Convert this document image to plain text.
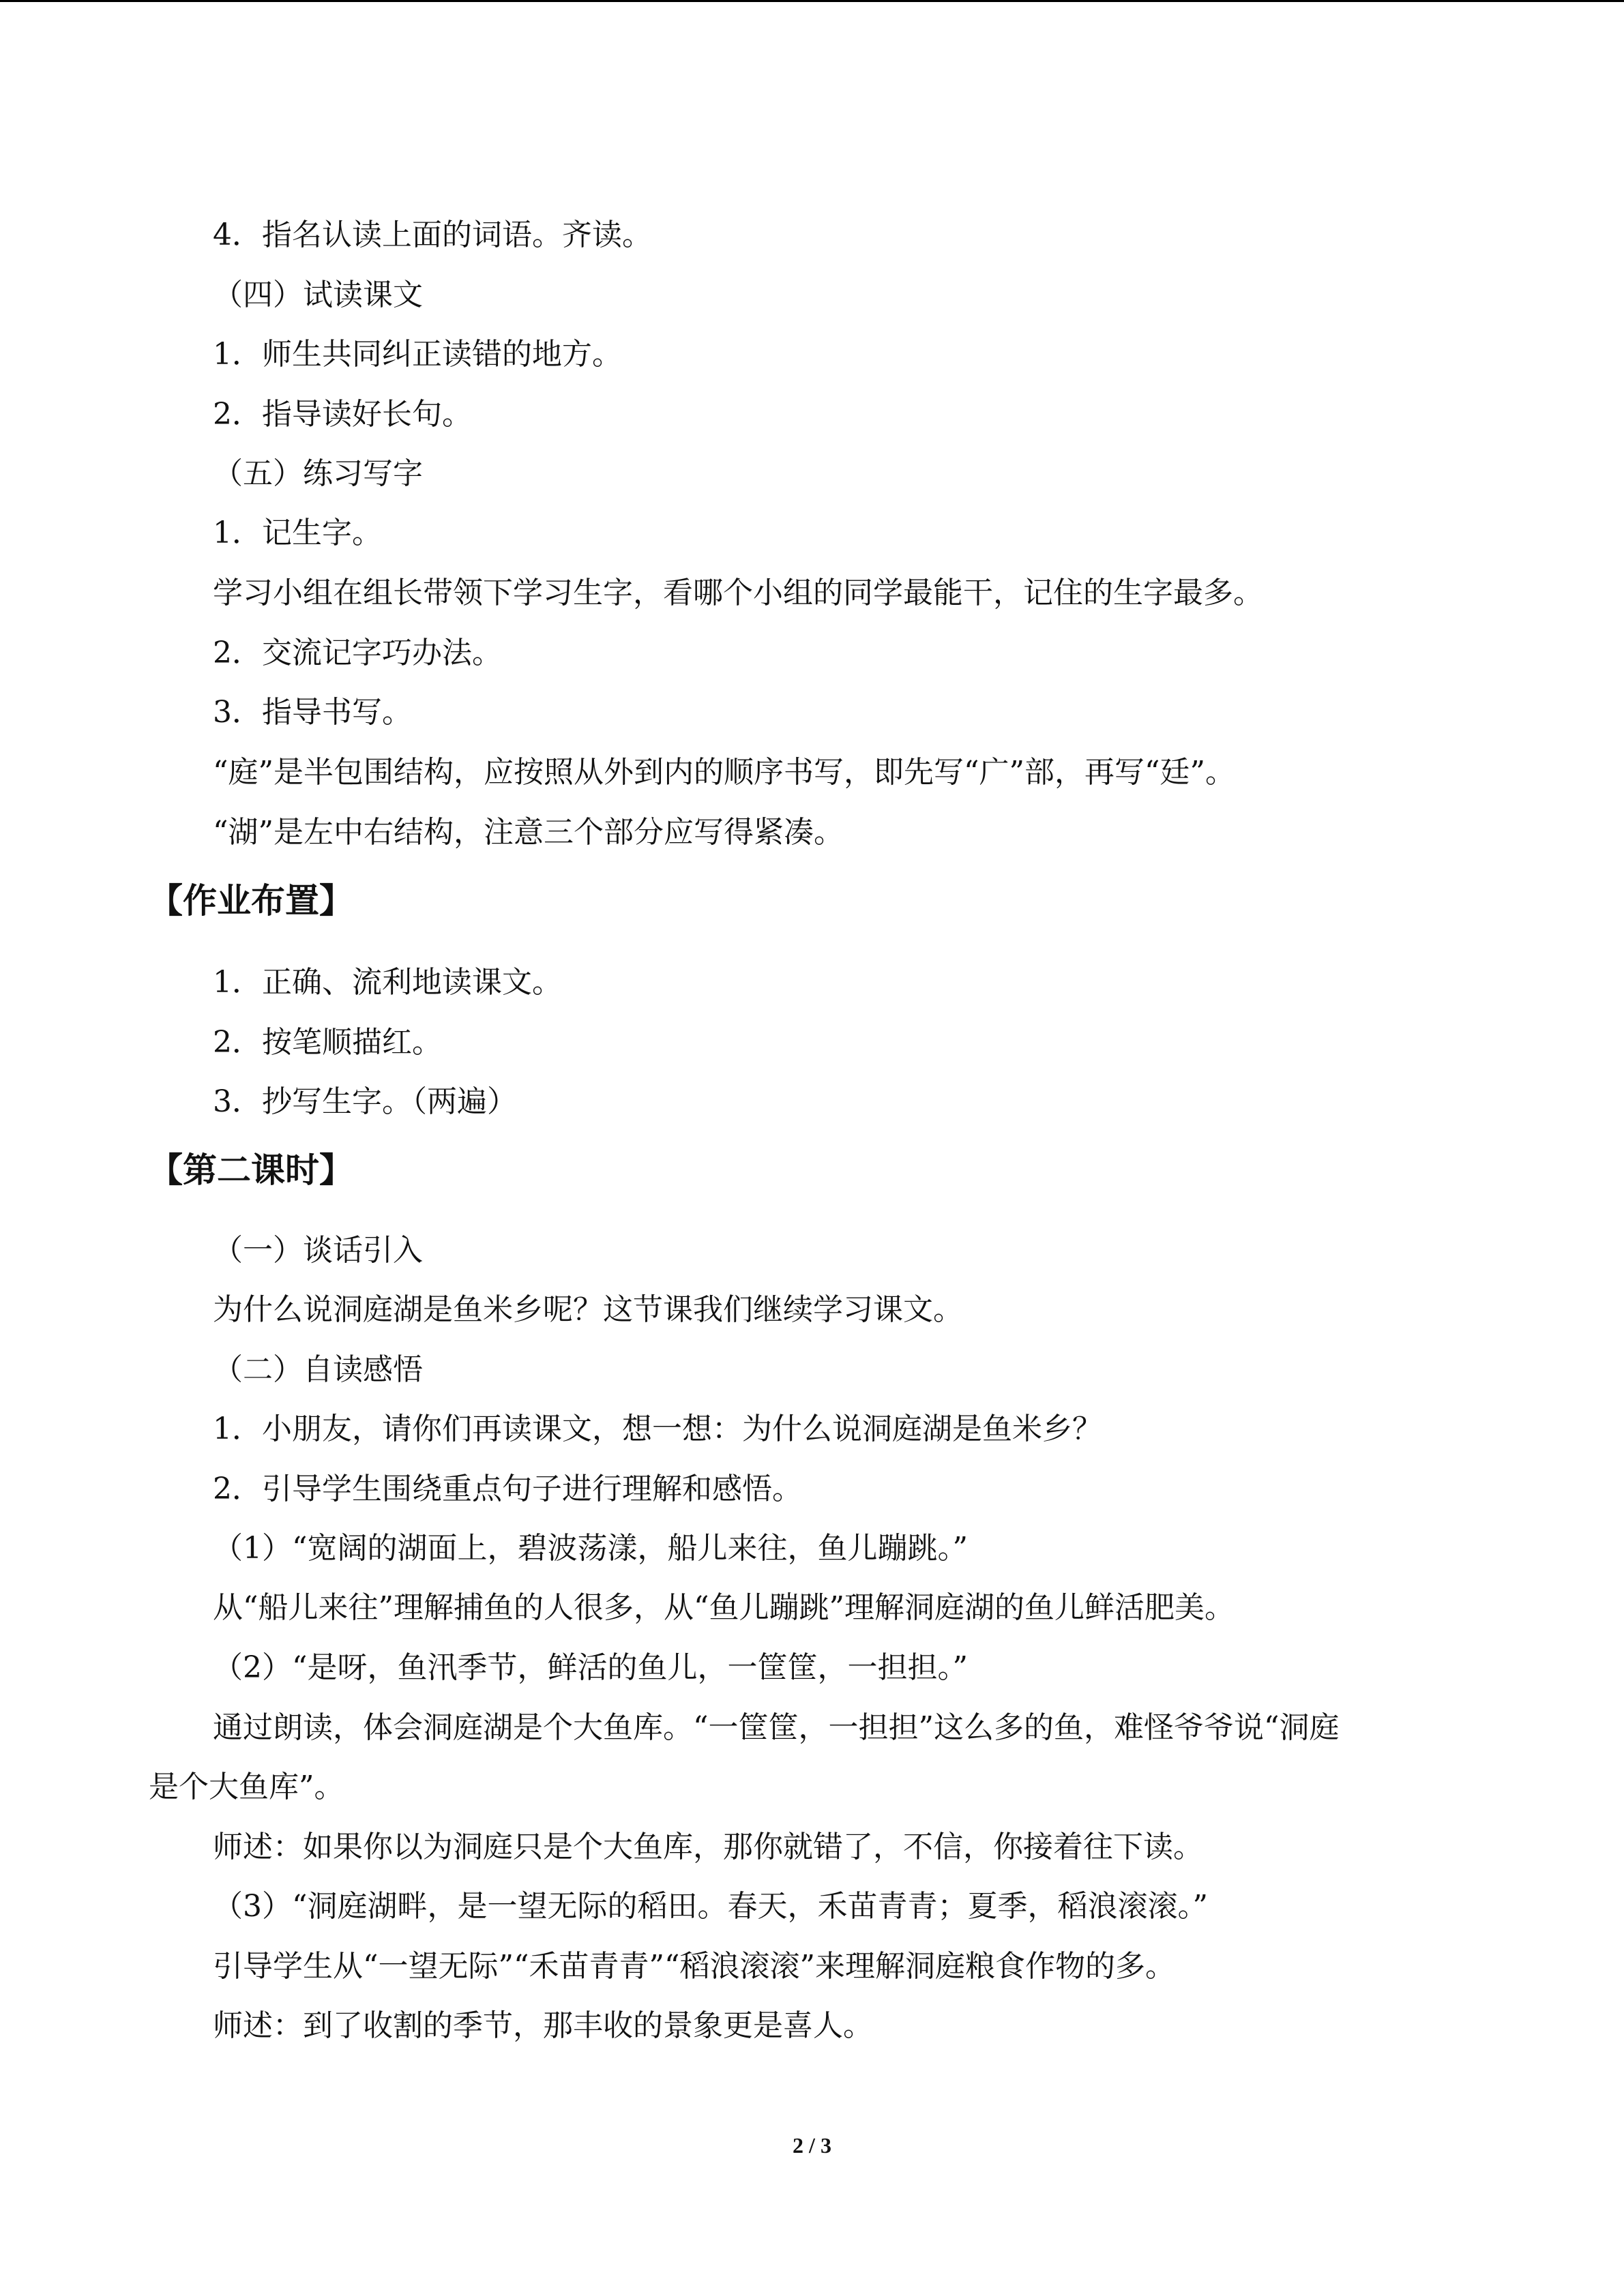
4．指名认读上面的词语。齐读。
（四）试读课文
1．师生共同纠正读错的地方。
2．指导读好长句。
（五）练习写字
1．记生字。
学习小组在组长带领下学习生字，看哪个小组的同学最能干，记住的生字最多。
2．交流记字巧办法。
3．指导书写。
“庭”是半包围结构，应按照从外到内的顺序书写，即先写“广”部，再写“廷”。
“湖”是左中右结构，注意三个部分应写得紧凑。
【作业布置】
1．正确、流利地读课文。
2．按笔顺描红。
3．抄写生字。（两遍）
【第二课时】
（一）谈话引入
为什么说洞庭湖是鱼米乡呢？这节课我们继续学习课文。
（二）自读感悟
1．小朋友，请你们再读课文，想一想：为什么说洞庭湖是鱼米乡？
2．引导学生围绕重点句子进行理解和感悟。
（1）“宽阔的湖面上，碧波荡漾，船儿来往，鱼儿蹦跳。”
从“船儿来往”理解捕鱼的人很多，从“鱼儿蹦跳”理解洞庭湖的鱼儿鲜活肥美。
（2）“是呀，鱼汛季节，鲜活的鱼儿，一筐筐，一担担。”
通过朗读，体会洞庭湖是个大鱼库。“一筐筐，一担担”这么多的鱼，难怪爷爷说“洞庭
是个大鱼库”。
师述：如果你以为洞庭只是个大鱼库，那你就错了，不信，你接着往下读。
（3）“洞庭湖畔，是一望无际的稻田。春天，禾苗青青；夏季，稻浪滚滚。”
引导学生从“一望无际”“禾苗青青”“稻浪滚滚”来理解洞庭粮食作物的多。
师述：到了收割的季节，那丰收的景象更是喜人。
2 / 3
